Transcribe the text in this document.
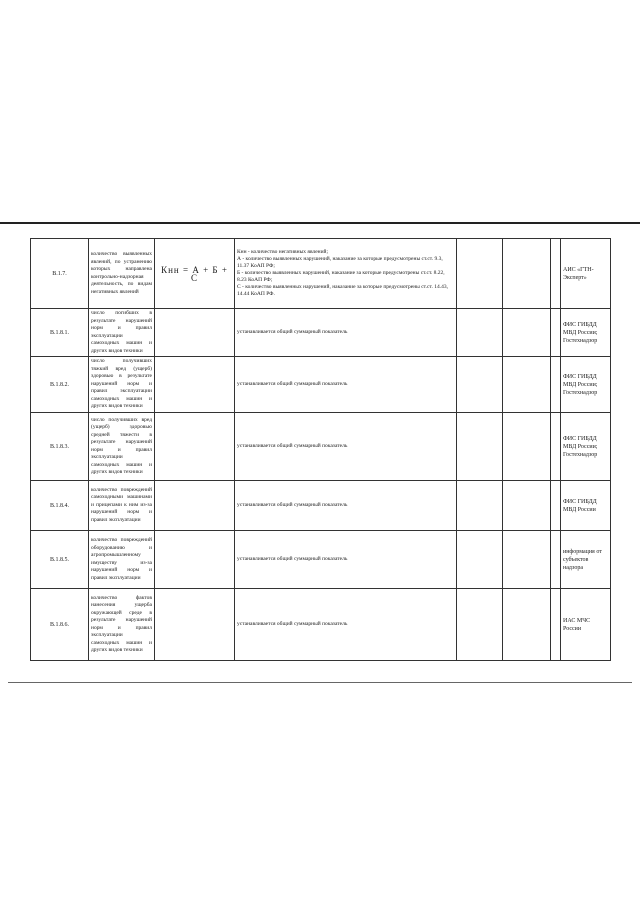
B.1.7.	количество выявленных явлений, по устранению которых направлена контрольно-надзорная деятельность, по видам негативных явлений	Кнн = А + Б + С	Кнн - количество негативных явлений;
А - количество выявленных нарушений, наказание за которые предусмотрены ст.ст. 9.3, 11.37 КоАП РФ;
Б - количество выявленных нарушений, наказание за которые предусмотрены ст.ст. 8.22, 8.23 КоАП РФ;
С - количество выявленных нарушений, наказание за которые предусмотрены ст.ст. 14.43, 14.44 КоАП РФ.				АИС «ГТН-Эксперт»
B.1.8.1.	число погибших в результате нарушений норм и правил эксплуатации самоходных машин и других видов техники		устанавливается общий суммарный показатель				ФИС ГИБДД МВД России; Гостехнадзор
B.1.8.2.	число получивших тяжкий вред (ущерб) здоровью в результате нарушений норм и правил эксплуатации самоходных машин и других видов техники		устанавливается общий суммарный показатель				ФИС ГИБДД МВД России; Гостехнадзор
B.1.8.3.	число получивших вред (ущерб) здоровью средней тяжести в результате нарушений норм и правил эксплуатации самоходных машин и других видов техники		устанавливается общий суммарный показатель				ФИС ГИБДД МВД России; Гостехнадзор
B.1.8.4.	количество повреждений самоходными машинами и прицепами к ним из-за нарушений норм и правил эксплуатации		устанавливается общий суммарный показатель				ФИС ГИБДД МВД России
B.1.8.5.	количество повреждений оборудованию и агропромышленному имуществу из-за нарушений норм и правил эксплуатации		устанавливается общий суммарный показатель				информация от субъектов надзора
B.1.8.6.	количество фактов нанесения ущерба окружающей среде в результате нарушений норм и правил эксплуатации самоходных машин и других видов техники		устанавливается общий суммарный показатель				ИАС МЧС России
